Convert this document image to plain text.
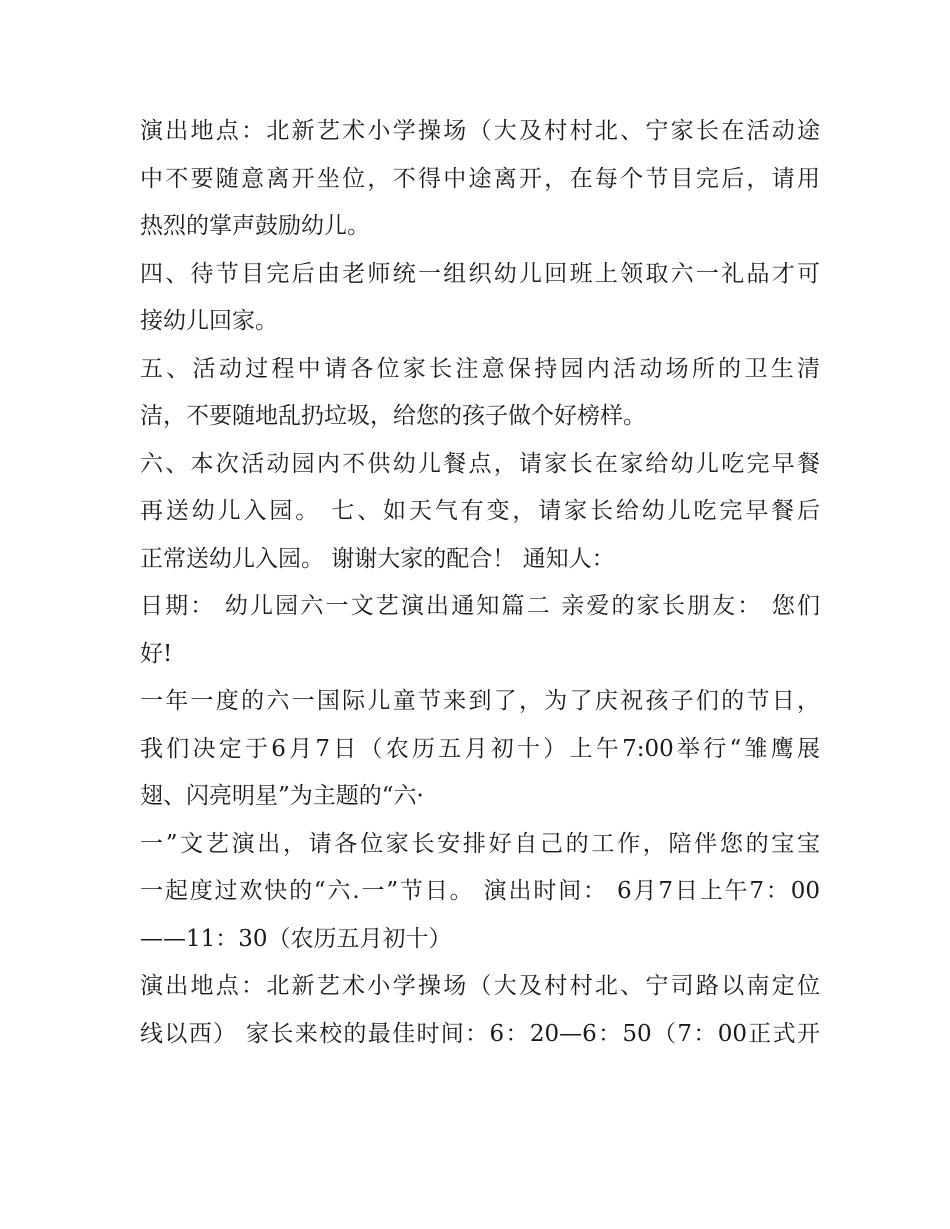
演出地点：北新艺术小学操场（大及村村北、宁家长在活动途
中不要随意离开坐位，不得中途离开，在每个节目完后，请用
热烈的掌声鼓励幼儿。
四、待节目完后由老师统一组织幼儿回班上领取六一礼品才可
接幼儿回家。
五、活动过程中请各位家长注意保持园内活动场所的卫生清
洁，不要随地乱扔垃圾，给您的孩子做个好榜样。
六、本次活动园内不供幼儿餐点，请家长在家给幼儿吃完早餐
再送幼儿入园。 七、如天气有变，请家长给幼儿吃完早餐后
正常送幼儿入园。 谢谢大家的配合！ 通知人：
日期： 幼儿园六一文艺演出通知篇二 亲爱的家长朋友： 您们
好!
一年一度的六一国际儿童节来到了，为了庆祝孩子们的节日，
我们决定于6月7日（农历五月初十）上午7:00举行“雏鹰展
翅、闪亮明星”为主题的“六·
一”文艺演出，请各位家长安排好自己的工作，陪伴您的宝宝
一起度过欢快的“六.一”节日。 演出时间： 6月7日上午7：00
——11：30（农历五月初十）
演出地点：北新艺术小学操场（大及村村北、宁司路以南定位
线以西） 家长来校的最佳时间：6：20—6：50（7：00正式开
